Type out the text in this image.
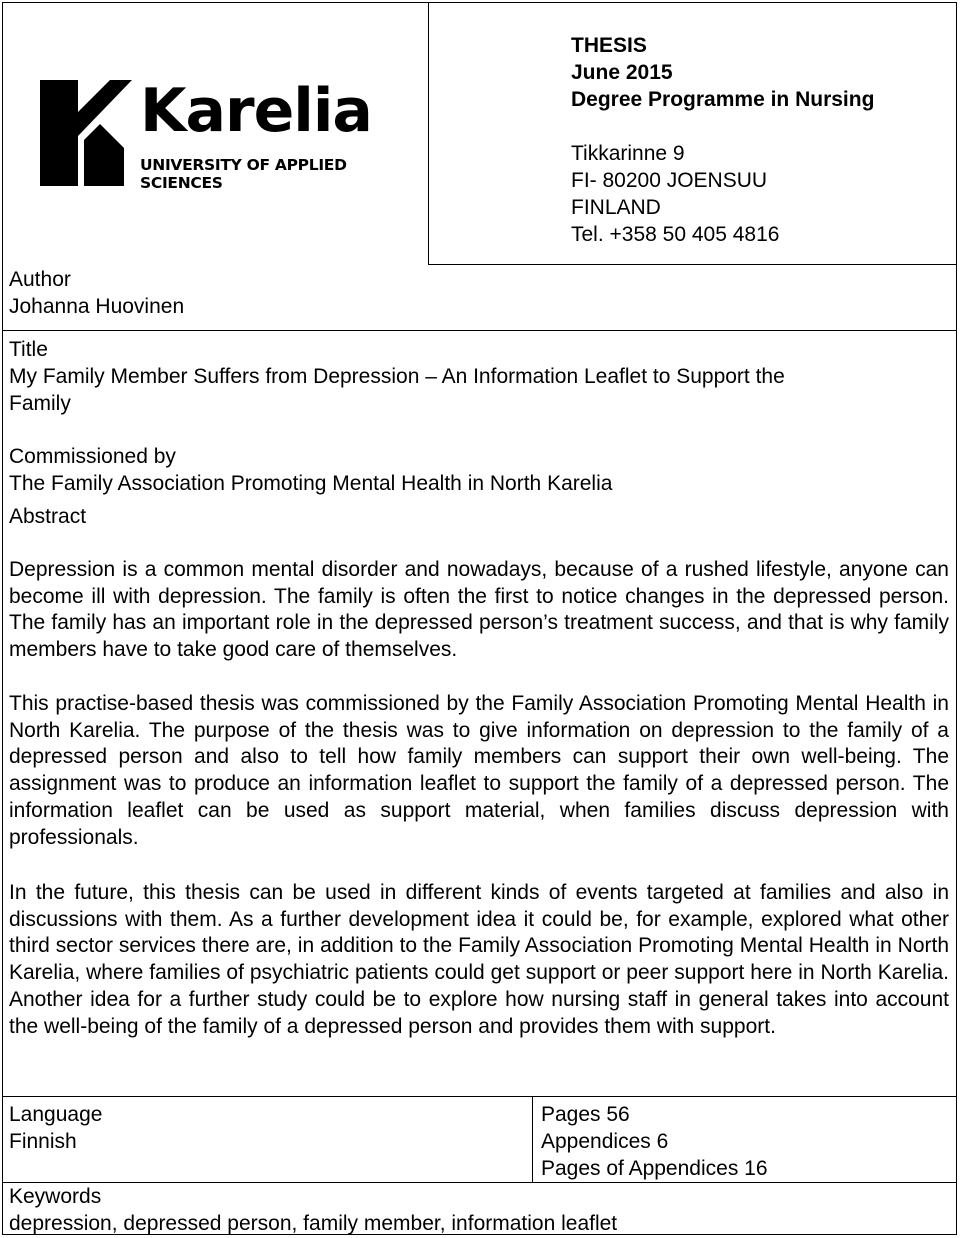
Karelia
UNIVERSITY OF APPLIED SCIENCES
THESIS
June 2015
Degree Programme in Nursing
Tikkarinne 9
FI- 80200 JOENSUU
FINLAND
Tel. +358 50 405 4816
Author
Johanna Huovinen
Title
My Family Member Suffers from Depression – An Information Leaflet to Support the
Family
Commissioned by
The Family Association Promoting Mental Health in North Karelia
Abstract
Depression is a common mental disorder and nowadays, because of a rushed lifestyle, anyone can become ill with depression. The family is often the first to notice changes in the depressed person. The family has an important role in the depressed person’s treatment success, and that is why family members have to take good care of themselves.
This practise-based thesis was commissioned by the Family Association Promoting Mental Health in North Karelia. The purpose of the thesis was to give information on depression to the family of a depressed person and also to tell how family members can support their own well-being. The assignment was to produce an information leaflet to support the family of a depressed person. The information leaflet can be used as support material, when families discuss depression with professionals.
In the future, this thesis can be used in different kinds of events targeted at families and also in discussions with them. As a further development idea it could be, for example, explored what other third sector services there are, in addition to the Family Association Promoting Mental Health in North Karelia, where families of psychiatric patients could get support or peer support here in North Karelia. Another idea for a further study could be to explore how nursing staff in general takes into account the well-being of the family of a depressed person and provides them with support.
Language
Finnish
Pages 56
Appendices 6
Pages of Appendices 16
Keywords
depression, depressed person, family member, information leaflet
